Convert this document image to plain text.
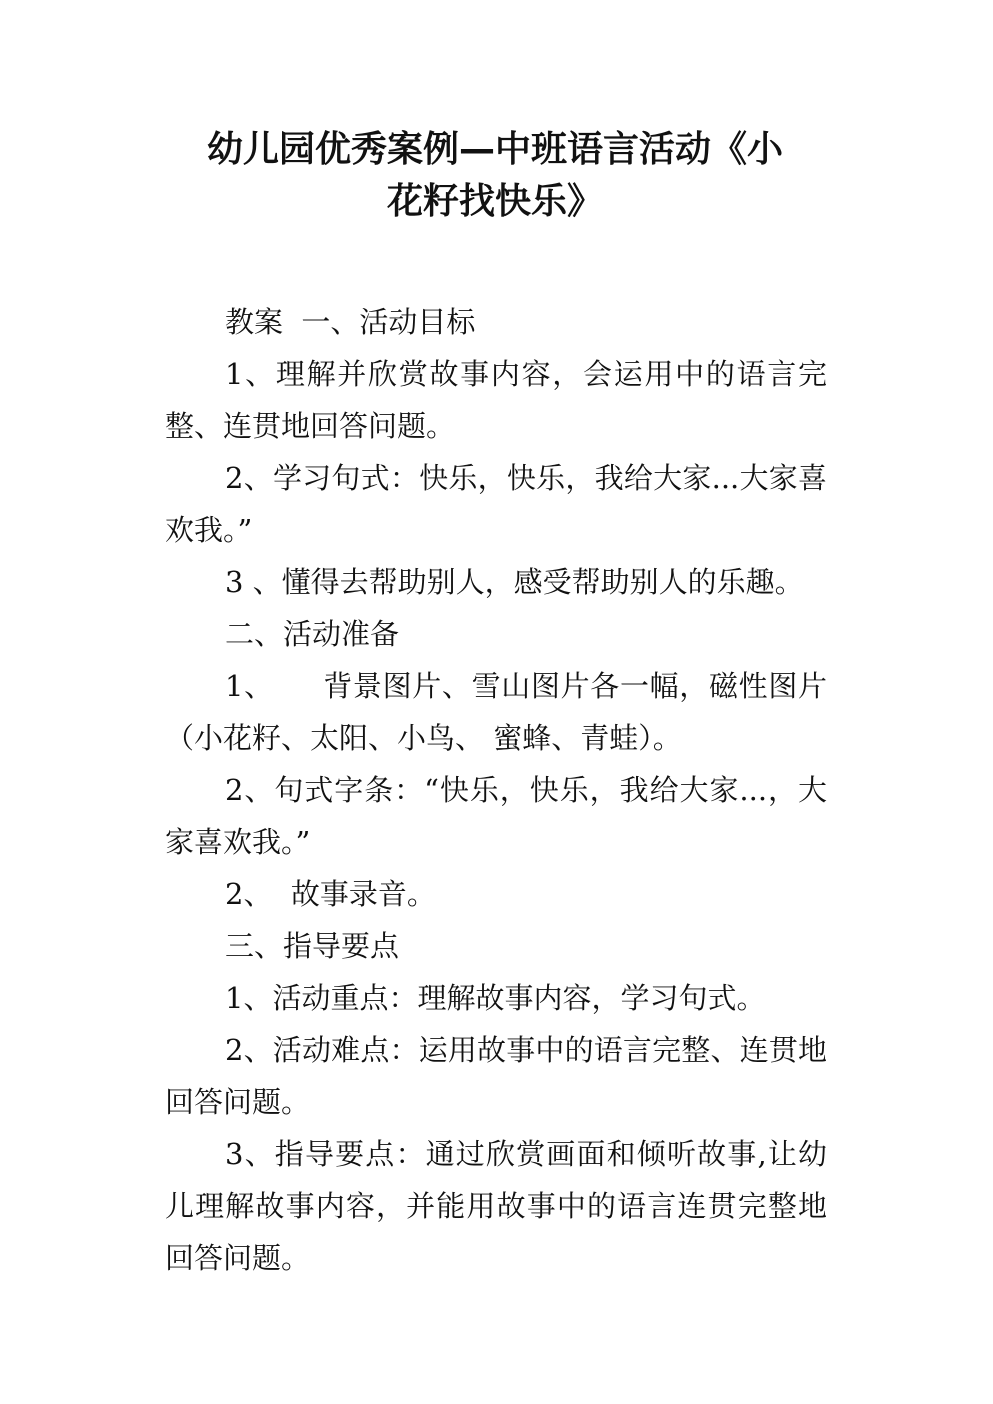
幼儿园优秀案例—中班语言活动《小
花籽找快乐》

教案  一、活动目标

1、理解并欣赏故事内容，会运用中的语言完整、连贯地回答问题。

2、学习句式：快乐，快乐，我给大家...大家喜欢我。”

3 、懂得去帮助别人，感受帮助别人的乐趣。

二、活动准备

1、     背景图片、雪山图片各一幅，磁性图片（小花籽、太阳、小鸟、 蜜蜂、青蛙）。

2、句式字条：“快乐，快乐，我给大家...，大家喜欢我。”

2、  故事录音。

三、指导要点

1、活动重点：理解故事内容，学习句式。

2、活动难点：运用故事中的语言完整、连贯地回答问题。

3、指导要点：通过欣赏画面和倾听故事,让幼儿理解故事内容，并能用故事中的语言连贯完整地回答问题。
